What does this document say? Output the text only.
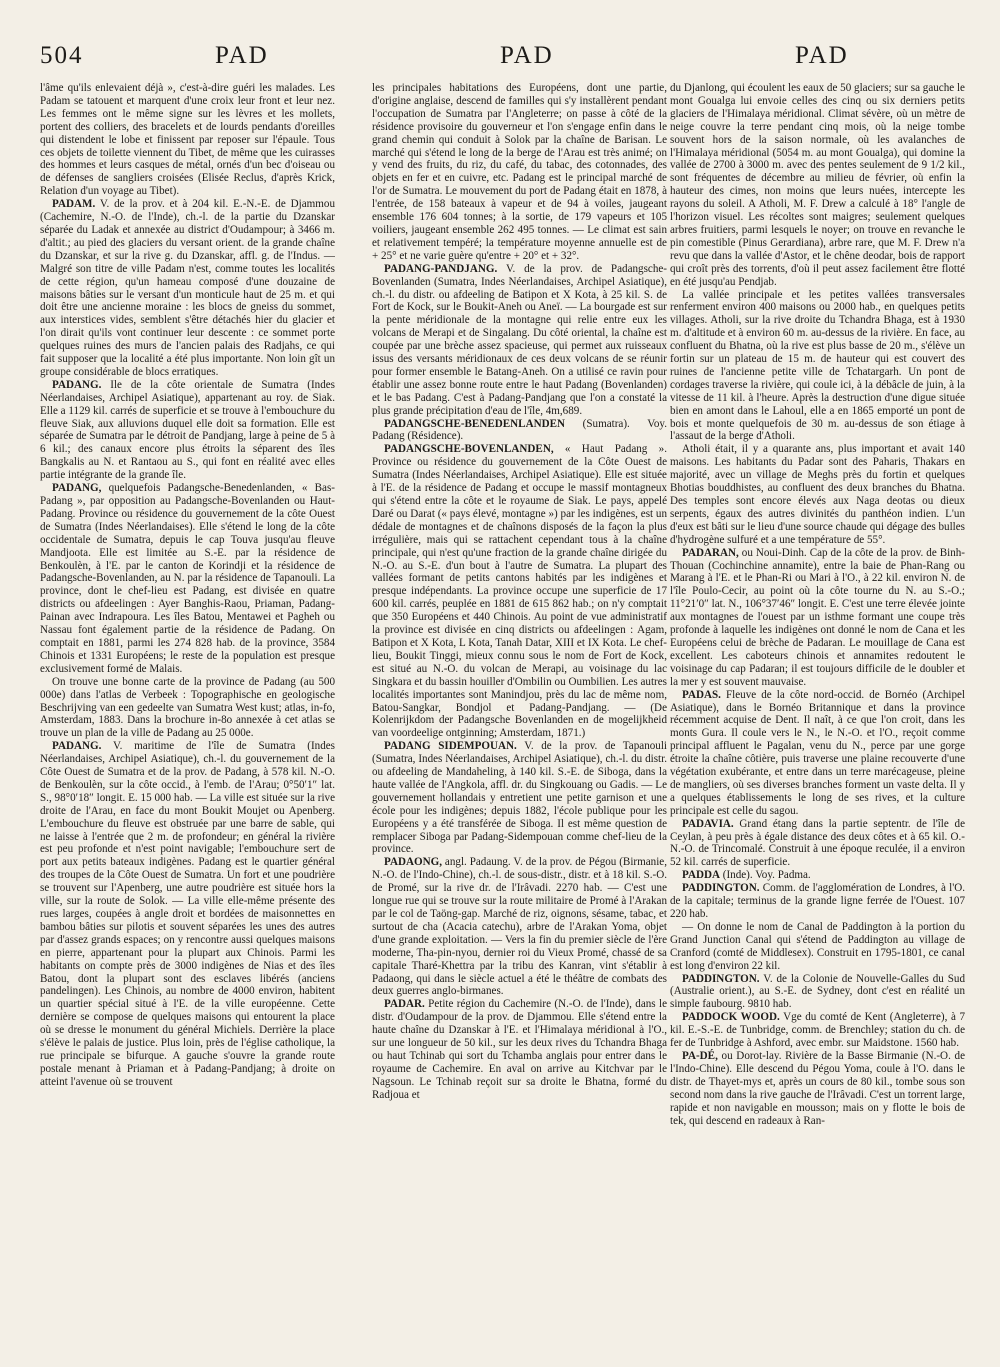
504	PAD	PAD	PAD

l'âme qu'ils enlevaient déjà », c'est-à-dire guéri les malades. Les Padam se tatouent et marquent d'une croix leur front et leur nez. Les femmes ont le même signe sur les lèvres et les mollets, portent des colliers, des bracelets et de lourds pendants d'oreilles qui distendent le lobe et finissent par reposer sur l'épaule. Tous ces objets de toilette viennent du Tibet, de même que les cuirasses des hommes et leurs casques de métal, ornés d'un bec d'oiseau ou de défenses de sangliers croisées (Elisée Reclus, d'après Krick, Relation d'un voyage au Tibet).

PADAM. V. de la prov. et à 204 kil. E.-N.-E. de Djammou (Cachemire, N.-O. de l'Inde), ch.-l. de la partie du Dzanskar séparée du Ladak et annexée au district d'Oudampour; à 3466 m. d'altit.; au pied des glaciers du versant orient. de la grande chaîne du Dzanskar, et sur la rive g. du Dzanskar, affl. g. de l'Indus. — Malgré son titre de ville Padam n'est, comme toutes les localités de cette région, qu'un hameau composé d'une douzaine de maisons bâties sur le versant d'un monticule haut de 25 m. et qui doit être une ancienne moraine : les blocs de gneiss du sommet, aux interstices vides, semblent s'être détachés hier du glacier et l'on dirait qu'ils vont continuer leur descente : ce sommet porte quelques ruines des murs de l'ancien palais des Radjahs, ce qui fait supposer que la localité a été plus importante. Non loin gît un groupe considérable de blocs erratiques.

PADANG. Ile de la côte orientale de Sumatra (Indes Néerlandaises, Archipel Asiatique), appartenant au roy. de Siak. Elle a 1129 kil. carrés de superficie et se trouve à l'embouchure du fleuve Siak, aux alluvions duquel elle doit sa formation. Elle est séparée de Sumatra par le détroit de Pandjang, large à peine de 5 à 6 kil.; des canaux encore plus étroits la séparent des îles Bangkalis au N. et Rantaou au S., qui font en réalité avec elles partie intégrante de la grande île.

PADANG, quelquefois Padangsche-Benedenlanden, « Bas-Padang », par opposition au Padangsche-Bovenlanden ou Haut-Padang. Province ou résidence du gouvernement de la côte Ouest de Sumatra (Indes Néerlandaises). Elle s'étend le long de la côte occidentale de Sumatra, depuis le cap Touva jusqu'au fleuve Mandjoota. Elle est limitée au S.-E. par la résidence de Benkoulèn, à l'E. par le canton de Korindji et la résidence de Padangsche-Bovenlanden, au N. par la résidence de Tapanouli. La province, dont le chef-lieu est Padang, est divisée en quatre districts ou afdeelingen : Ayer Banghis-Raou, Priaman, Padang-Painan avec Indrapoura. Les îles Batou, Mentawei et Pagheh ou Nassau font également partie de la résidence de Padang. On comptait en 1881, parmi les 274 828 hab. de la province, 3584 Chinois et 1331 Européens; le reste de la population est presque exclusivement formé de Malais.

On trouve une bonne carte de la province de Padang (au 500 000e) dans l'atlas de Verbeek : Topographische en geologische Beschrijving van een gedeelte van Sumatra West kust; atlas, in-fo, Amsterdam, 1883. Dans la brochure in-8o annexée à cet atlas se trouve un plan de la ville de Padang au 25 000e.

PADANG. V. maritime de l'île de Sumatra (Indes Néerlandaises, Archipel Asiatique), ch.-l. du gouvernement de la Côte Ouest de Sumatra et de la prov. de Padang, à 578 kil. N.-O. de Benkoulèn, sur la côte occid., à l'emb. de l'Arau; 0°50′1″ lat. S., 98°0′18″ longit. E. 15 000 hab. — La ville est située sur la rive droite de l'Arau, en face du mont Boukit Moujet ou Apenberg. L'embouchure du fleuve est obstruée par une barre de sable, qui ne laisse à l'entrée que 2 m. de profondeur; en général la rivière est peu profonde et n'est point navigable; l'embouchure sert de port aux petits bateaux indigènes. Padang est le quartier général des troupes de la Côte Ouest de Sumatra. Un fort et une poudrière se trouvent sur l'Apenberg, une autre poudrière est située hors la ville, sur la route de Solok. — La ville elle-même présente des rues larges, coupées à angle droit et bordées de maisonnettes en bambou bâties sur pilotis et souvent séparées les unes des autres par d'assez grands espaces; on y rencontre aussi quelques maisons en pierre, appartenant pour la plupart aux Chinois. Parmi les habitants on compte près de 3000 indigènes de Nias et des îles Batou, dont la plupart sont des esclaves libérés (anciens pandelingen). Les Chinois, au nombre de 4000 environ, habitent un quartier spécial situé à l'E. de la ville européenne. Cette dernière se compose de quelques maisons qui entourent la place où se dresse le monument du général Michiels. Derrière la place s'élève le palais de justice. Plus loin, près de l'église catholique, la rue principale se bifurque. A gauche s'ouvre la grande route postale menant à Priaman et à Padang-Pandjang; à droite on atteint l'avenue où se trouvent

les principales habitations des Européens, dont une partie, d'origine anglaise, descend de familles qui s'y installèrent pendant l'occupation de Sumatra par l'Angleterre; on passe à côté de la résidence provisoire du gouverneur et l'on s'engage enfin dans le grand chemin qui conduit à Solok par la chaîne de Barisan. Le marché qui s'étend le long de la berge de l'Arau est très animé; on y vend des fruits, du riz, du café, du tabac, des cotonnades, des objets en fer et en cuivre, etc. Padang est le principal marché de l'or de Sumatra. Le mouvement du port de Padang était en 1878, à l'entrée, de 158 bateaux à vapeur et de 94 à voiles, jaugeant ensemble 176 604 tonnes; à la sortie, de 179 vapeurs et 105 voiliers, jaugeant ensemble 262 495 tonnes. — Le climat est sain et relativement tempéré; la température moyenne annuelle est de + 25° et ne varie guère qu'entre + 20° et + 32°.

PADANG-PANDJANG. V. de la prov. de Padangsche-Bovenlanden (Sumatra, Indes Néerlandaises, Archipel Asiatique), ch.-l. du distr. ou afdeeling de Batipon et X Kota, à 25 kil. S. de Fort de Kock, sur le Boukit-Aneh ou Aneï. — La bourgade est sur la pente méridionale de la montagne qui relie entre eux les volcans de Merapi et de Singalang. Du côté oriental, la chaîne est coupée par une brèche assez spacieuse, qui permet aux ruisseaux issus des versants méridionaux de ces deux volcans de se réunir pour former ensemble le Batang-Aneh. On a utilisé ce ravin pour établir une assez bonne route entre le haut Padang (Bovenlanden) et le bas Padang. C'est à Padang-Pandjang que l'on a constaté la plus grande précipitation d'eau de l'île, 4m,689.

PADANGSCHE-BENEDENLANDEN (Sumatra). Voy. Padang (Résidence).

PADANGSCHE-BOVENLANDEN, « Haut Padang ». Province ou résidence du gouvernement de la Côte Ouest de Sumatra (Indes Néerlandaises, Archipel Asiatique). Elle est située à l'E. de la résidence de Padang et occupe le massif montagneux qui s'étend entre la côte et le royaume de Siak. Le pays, appelé Daré ou Darat (« pays élevé, montagne ») par les indigènes, est un dédale de montagnes et de chaînons disposés de la façon la plus irrégulière, mais qui se rattachent cependant tous à la chaîne principale, qui n'est qu'une fraction de la grande chaîne dirigée du N.-O. au S.-E. d'un bout à l'autre de Sumatra. La plupart des vallées formant de petits cantons habités par les indigènes et presque indépendants. La province occupe une superficie de 17 600 kil. carrés, peuplée en 1881 de 615 862 hab.; on n'y comptait que 350 Européens et 440 Chinois. Au point de vue administratif la province est divisée en cinq districts ou afdeelingen : Agam, Batipon et X Kota, L Kota, Tanah Datar, XIII et IX Kota. Le chef-lieu, Boukit Tinggi, mieux connu sous le nom de Fort de Kock, est situé au N.-O. du volcan de Merapi, au voisinage du lac Singkara et du bassin houiller d'Ombilin ou Oumbilien. Les autres localités importantes sont Manindjou, près du lac de même nom, Batou-Sangkar, Bondjol et Padang-Pandjang. — (De Kolenrijkdom der Padangsche Bovenlanden en de mogelijkheid van voordeelige ontginning; Amsterdam, 1871.)

PADANG SIDEMPOUAN. V. de la prov. de Tapanouli (Sumatra, Indes Néerlandaises, Archipel Asiatique), ch.-l. du distr. ou afdeeling de Mandaheling, à 140 kil. S.-E. de Siboga, dans la haute vallée de l'Angkola, affl. dr. du Singkouang ou Gadis. — Le gouvernement hollandais y entretient une petite garnison et une école pour les indigènes; depuis 1882, l'école publique pour les Européens y a été transférée de Siboga. Il est même question de remplacer Siboga par Padang-Sidempouan comme chef-lieu de la province.

PADAONG, angl. Padaung. V. de la prov. de Pégou (Birmanie, N.-O. de l'Indo-Chine), ch.-l. de sous-distr., distr. et à 18 kil. S.-O. de Promé, sur la rive dr. de l'Irâvadi. 2270 hab. — C'est une longue rue qui se trouve sur la route militaire de Promé à l'Arakan par le col de Taöng-gap. Marché de riz, oignons, sésame, tabac, et surtout de cha (Acacia catechu), arbre de l'Arakan Yoma, objet d'une grande exploitation. — Vers la fin du premier siècle de l'ère moderne, Tha-pin-nyou, dernier roi du Vieux Promé, chassé de sa capitale Tharé-Khettra par la tribu des Kanran, vint s'établir à Padaong, qui dans le siècle actuel a été le théâtre de combats des deux guerres anglo-birmanes.

PADAR. Petite région du Cachemire (N.-O. de l'Inde), dans le distr. d'Oudampour de la prov. de Djammou. Elle s'étend entre la haute chaîne du Dzanskar à l'E. et l'Himalaya méridional à l'O., sur une longueur de 50 kil., sur les deux rives du Tchandra Bhaga ou haut Tchinab qui sort du Tchamba anglais pour entrer dans le royaume de Cachemire. En aval on arrive au Kitchvar par le Nagsoun. Le Tchinab reçoit sur sa droite le Bhatna, formé du Radjoua et

du Djanlong, qui écoulent les eaux de 50 glaciers; sur sa gauche le mont Goualga lui envoie celles des cinq ou six derniers petits glaciers de l'Himalaya méridional. Climat sévère, où un mètre de neige couvre la terre pendant cinq mois, où la neige tombe souvent hors de la saison normale, où les avalanches de l'Himalaya méridional (5054 m. au mont Goualga), qui domine la vallée de 2700 à 3000 m. avec des pentes seulement de 9 1/2 kil., sont fréquentes de décembre au milieu de février, où enfin la hauteur des cimes, non moins que leurs nuées, intercepte les rayons du soleil. A Atholi, M. F. Drew a calculé à 18° l'angle de l'horizon visuel. Les récoltes sont maigres; seulement quelques arbres fruitiers, parmi lesquels le noyer; on trouve en revanche le pin comestible (Pinus Gerardiana), arbre rare, que M. F. Drew n'a revu que dans la vallée d'Astor, et le chêne deodar, bois de rapport qui croît près des torrents, d'où il peut assez facilement être flotté en été jusqu'au Pendjab.

La vallée principale et les petites vallées transversales renferment environ 400 maisons ou 2000 hab., en quelques petits villages. Atholi, sur la rive droite du Tchandra Bhaga, est à 1930 m. d'altitude et à environ 60 m. au-dessus de la rivière. En face, au confluent du Bhatna, où la rive est plus basse de 20 m., s'élève un fortin sur un plateau de 15 m. de hauteur qui est couvert des ruines de l'ancienne petite ville de Tchatargarh. Un pont de cordages traverse la rivière, qui coule ici, à la débâcle de juin, à la vitesse de 11 kil. à l'heure. Après la destruction d'une digue située bien en amont dans le Lahoul, elle a en 1865 emporté un pont de bois et monte quelquefois de 30 m. au-dessus de son étiage à l'assaut de la berge d'Atholi.

Atholi était, il y a quarante ans, plus important et avait 140 maisons. Les habitants du Padar sont des Paharis, Thakars en majorité, avec un village de Meghs près du fortin et quelques Bhotias bouddhistes, au confluent des deux branches du Bhatna. Des temples sont encore élevés aux Naga deotas ou dieux serpents, égaux des autres divinités du panthéon indien. L'un d'eux est bâti sur le lieu d'une source chaude qui dégage des bulles d'hydrogène sulfuré et a une température de 55°.

PADARAN, ou Noui-Dinh. Cap de la côte de la prov. de Binh-Thouan (Cochinchine annamite), entre la baie de Phan-Rang ou Marang à l'E. et le Phan-Ri ou Mari à l'O., à 22 kil. environ N. de l'île Poulo-Cecir, au point où la côte tourne du N. au S.-O.; 11°21′0″ lat. N., 106°37′46″ longit. E. C'est une terre élevée jointe aux montagnes de l'ouest par un isthme formant une coupe très profonde à laquelle les indigènes ont donné le nom de Cana et les Européens celui de brèche de Padaran. Le mouillage de Cana est excellent. Les caboteurs chinois et annamites redoutent le voisinage du cap Padaran; il est toujours difficile de le doubler et la mer y est souvent mauvaise.

PADAS. Fleuve de la côte nord-occid. de Bornéo (Archipel Asiatique), dans le Bornéo Britannique et dans la province récemment acquise de Dent. Il naît, à ce que l'on croit, dans les monts Gura. Il coule vers le N., le N.-O. et l'O., reçoit comme principal affluent le Pagalan, venu du N., perce par une gorge étroite la chaîne côtière, puis traverse une plaine recouverte d'une végétation exubérante, et entre dans un terre marécageuse, pleine de mangliers, où ses diverses branches forment un vaste delta. Il y a quelques établissements le long de ses rives, et la culture principale est celle du sagou.

PADAVIA. Grand étang dans la partie septentr. de l'île de Ceylan, à peu près à égale distance des deux côtes et à 65 kil. O.-N.-O. de Trincomalé. Construit à une époque reculée, il a environ 52 kil. carrés de superficie.

PADDA (Inde). Voy. Padma.

PADDINGTON. Comm. de l'agglomération de Londres, à l'O. de la capitale; terminus de la grande ligne ferrée de l'Ouest. 107 220 hab.

— On donne le nom de Canal de Paddington à la portion du Grand Junction Canal qui s'étend de Paddington au village de Cranford (comté de Middlesex). Construit en 1795-1801, ce canal est long d'environ 22 kil.

PADDINGTON. V. de la Colonie de Nouvelle-Galles du Sud (Australie orient.), au S.-E. de Sydney, dont c'est en réalité un simple faubourg. 9810 hab.

PADDOCK WOOD. Vge du comté de Kent (Angleterre), à 7 kil. E.-S.-E. de Tunbridge, comm. de Brenchley; station du ch. de fer de Tunbridge à Ashford, avec embr. sur Maidstone. 1560 hab.

PA-DÉ, ou Dorot-lay. Rivière de la Basse Birmanie (N.-O. de l'Indo-Chine). Elle descend du Pégou Yoma, coule à l'O. dans le distr. de Thayet-mys et, après un cours de 80 kil., tombe sous son second nom dans la rive gauche de l'Irâvadi. C'est un torrent large, rapide et non navigable en mousson; mais on y flotte le bois de tek, qui descend en radeaux à Ran-
